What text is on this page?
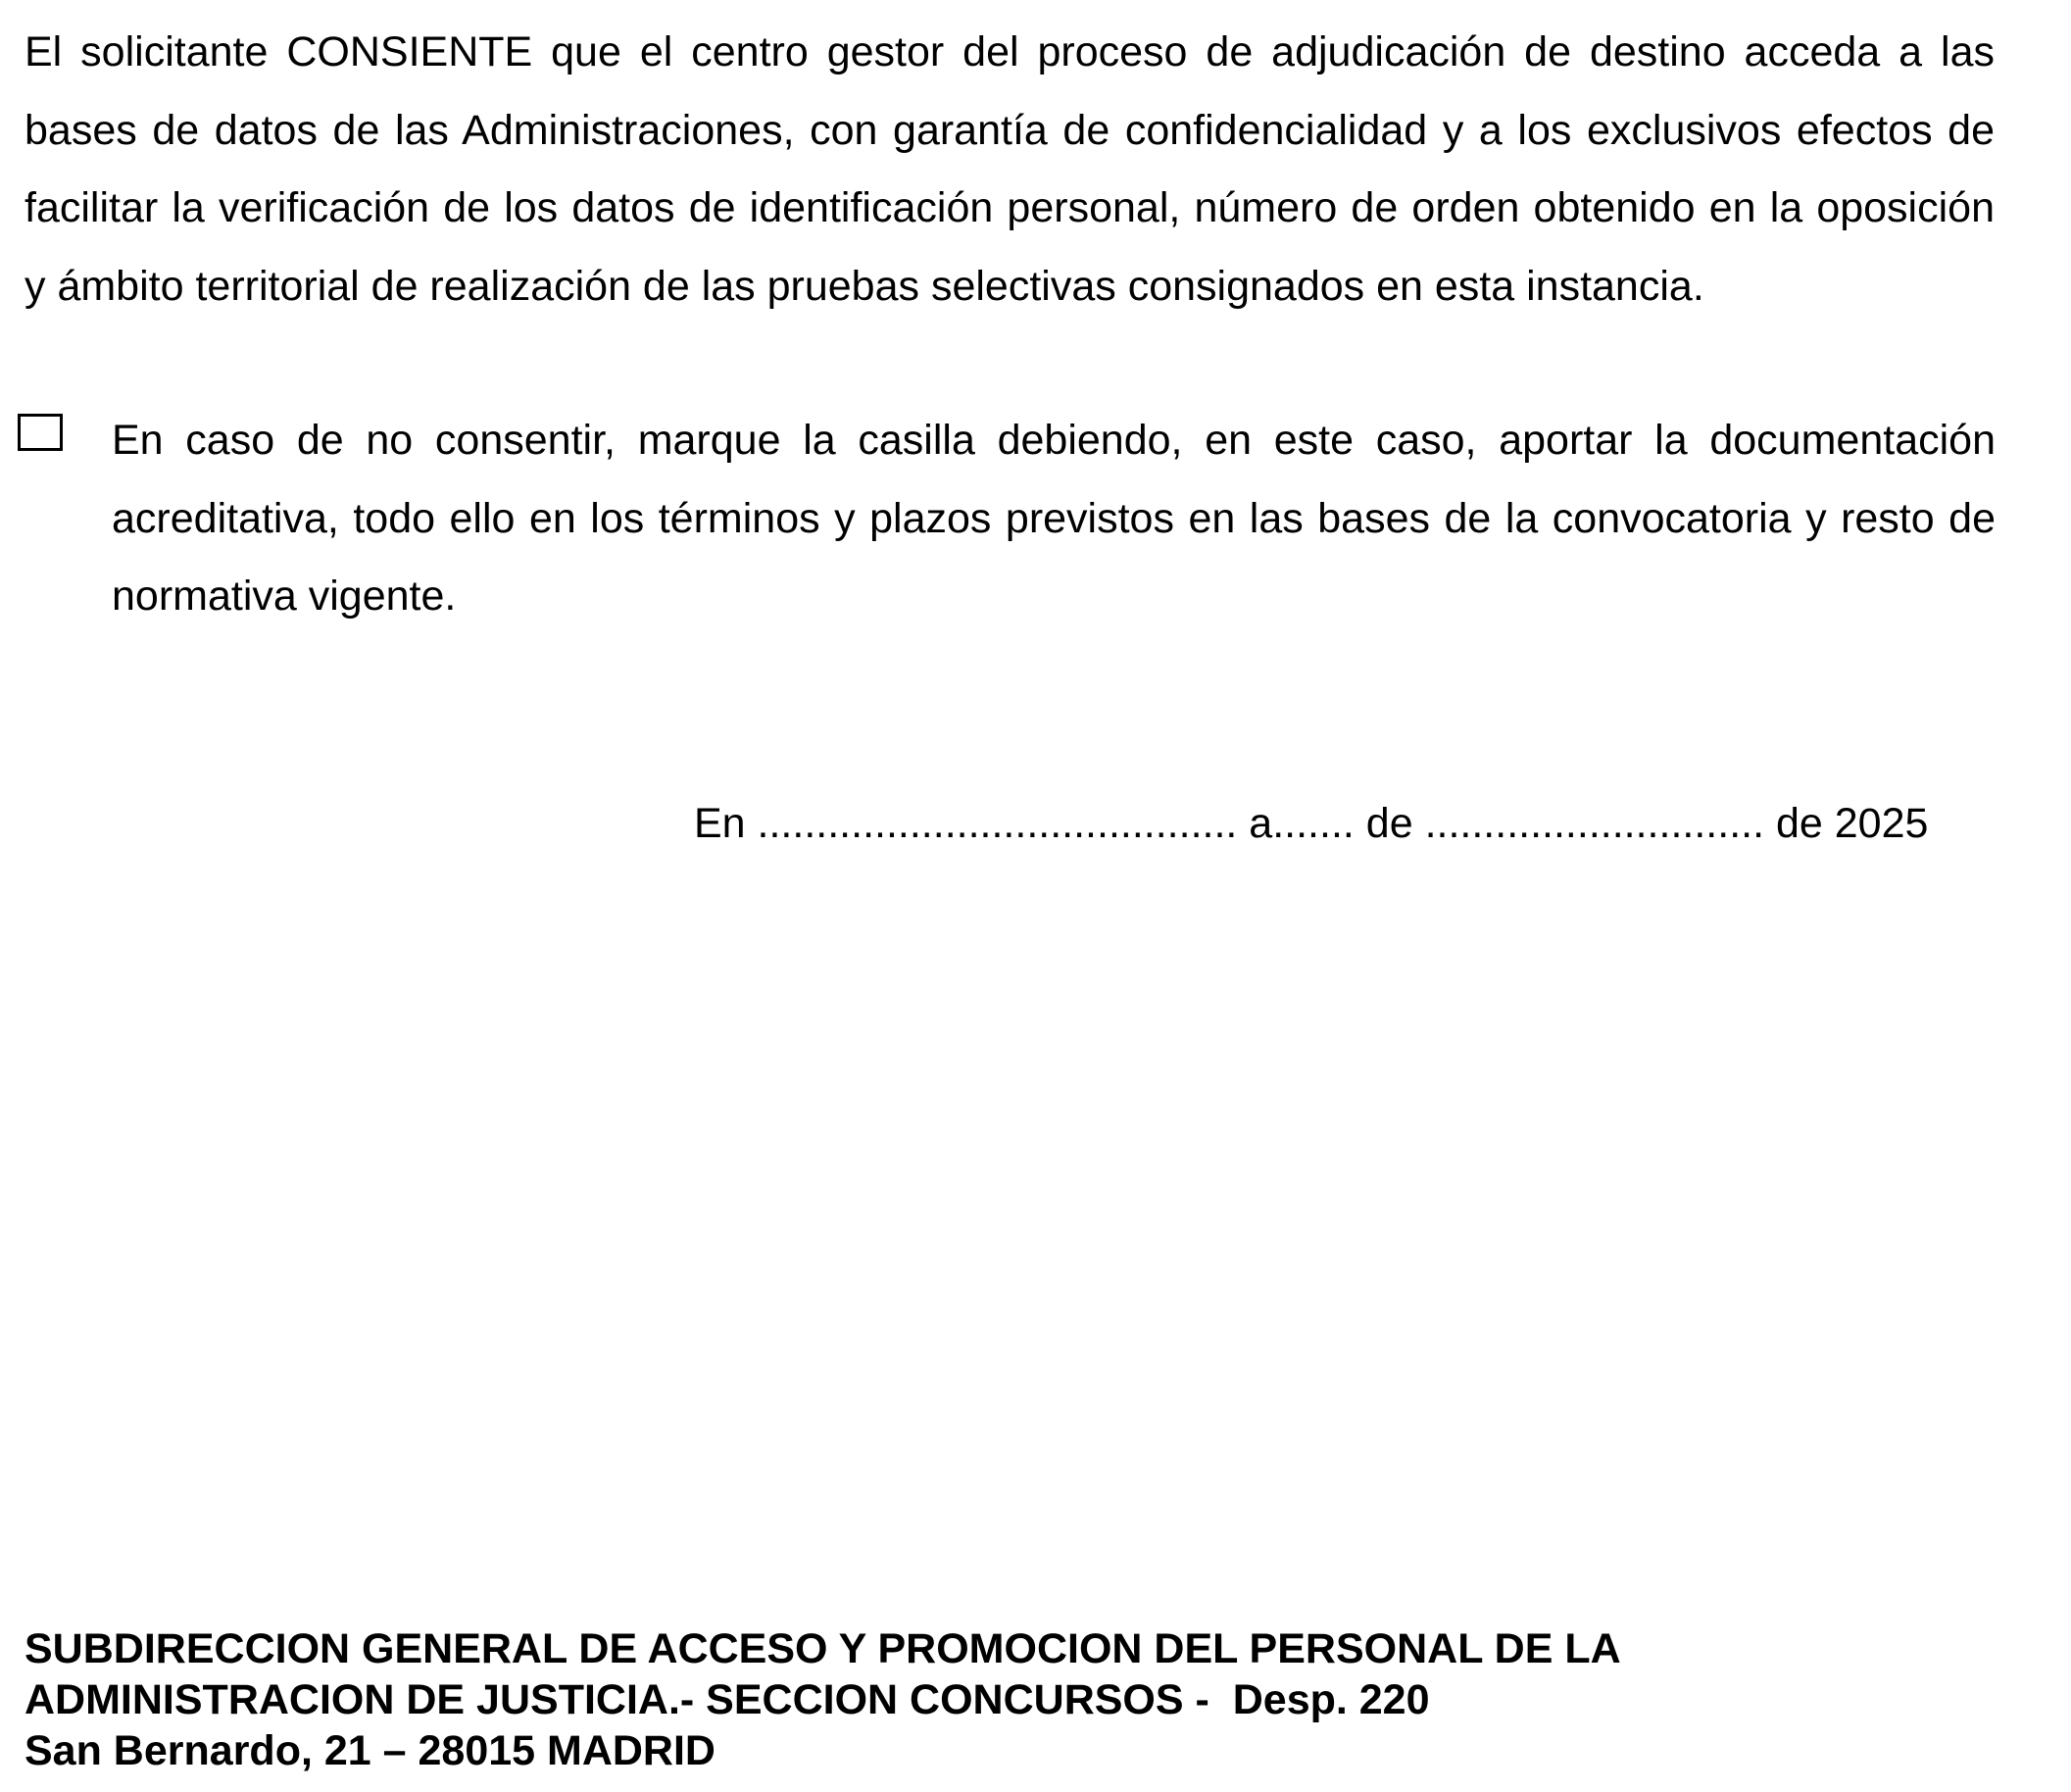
El solicitante CONSIENTE que el centro gestor del proceso de adjudicación de destino acceda a las bases de datos de las Administraciones, con garantía de confidencialidad y a los exclusivos efectos de facilitar la verificación de los datos de identificación personal, número de orden obtenido en la oposición y ámbito territorial de realización de las pruebas selectivas consignados en esta instancia.

En caso de no consentir, marque la casilla debiendo, en este caso, aportar la documentación acreditativa, todo ello en los términos y plazos previstos en las bases de la convocatoria y resto de normativa vigente.

En ......................................... a....... de ............................. de 2025
SUBDIRECCION GENERAL DE ACCESO Y PROMOCION DEL PERSONAL DE LA
ADMINISTRACION DE JUSTICIA.- SECCION CONCURSOS -  Desp. 220
San Bernardo, 21 – 28015 MADRID
